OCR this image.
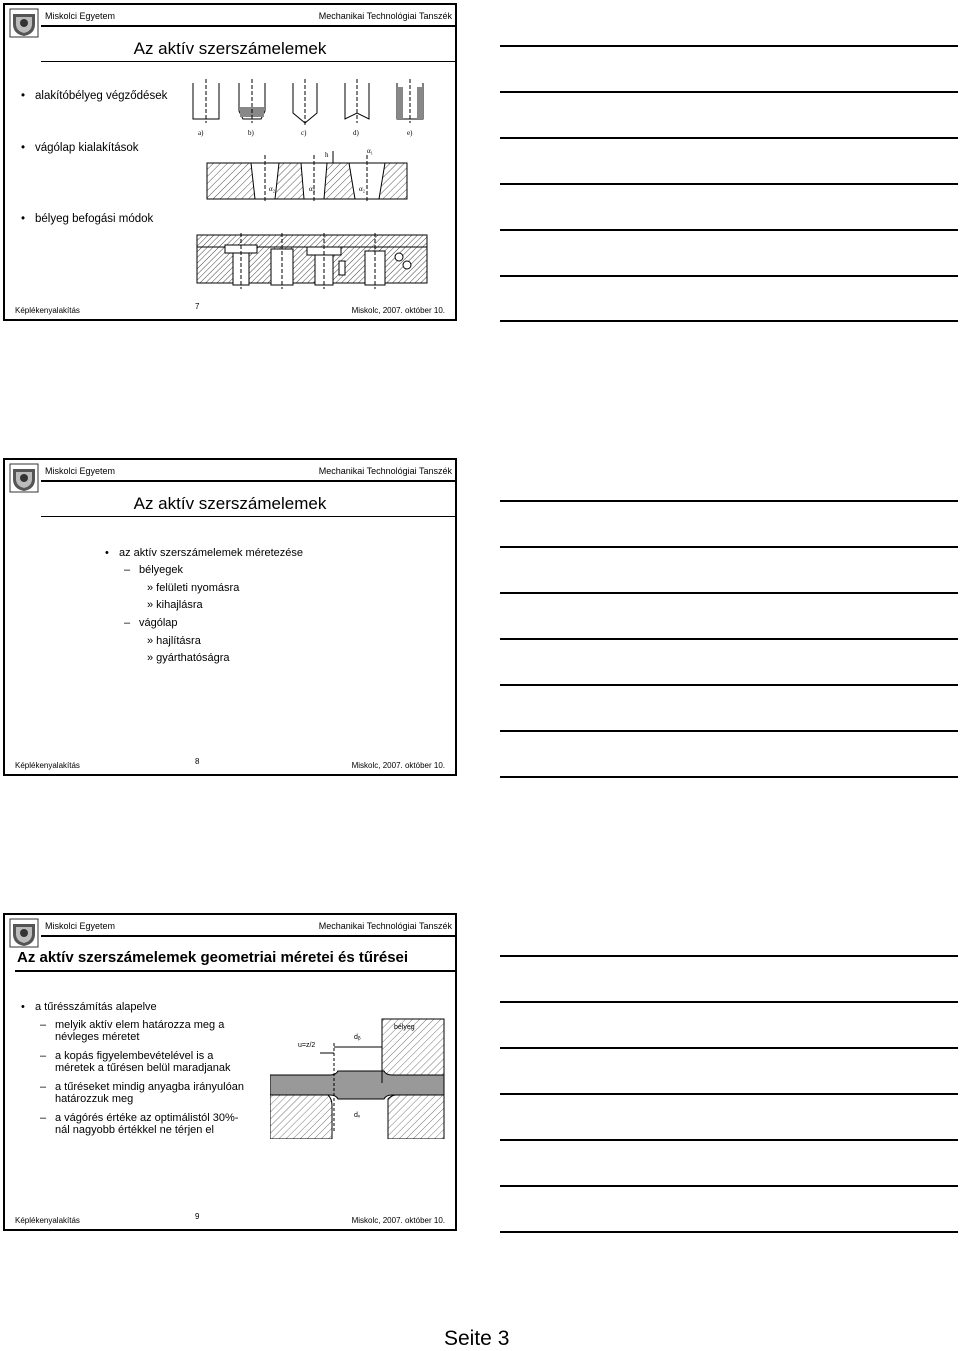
Miskolci Egyetem	Mechanikai Technológiai Tanszék
Az aktív szerszámelemek
• alakítóbélyeg végződések
• vágólap kialakítások
• bélyeg befogási módok
a)	b)	c)	d)	e)
h	α₁
α₂	α₃	α₂
Képlékenyalakítás	7	Miskolc, 2007. október 10.
Miskolci Egyetem	Mechanikai Technológiai Tanszék
Az aktív szerszámelemek
• az aktív szerszámelemek méretezése
– bélyegek
» felületi nyomásra
» kihajlásra
– vágólap
» hajlításra
» gyárthatóságra
Képlékenyalakítás	8	Miskolc, 2007. október 10.
Miskolci Egyetem	Mechanikai Technológiai Tanszék
Az aktív szerszámelemek geometriai méretei és tűrései
• a tűrésszámítás alapelve
– melyik aktív elem határozza meg a
névleges méretet
– a kopás figyelembevételével is a
méretek a tűrésen belül maradjanak
– a tűréseket mindig anyagba irányulóan
határozzuk meg
– a vágórés értéke az optimálistól 30%-
nál nagyobb értékkel ne térjen el
u=z/2
dᵦ
bélyeg
dᵥ
Képlékenyalakítás	9	Miskolc, 2007. október 10.
Seite 3
